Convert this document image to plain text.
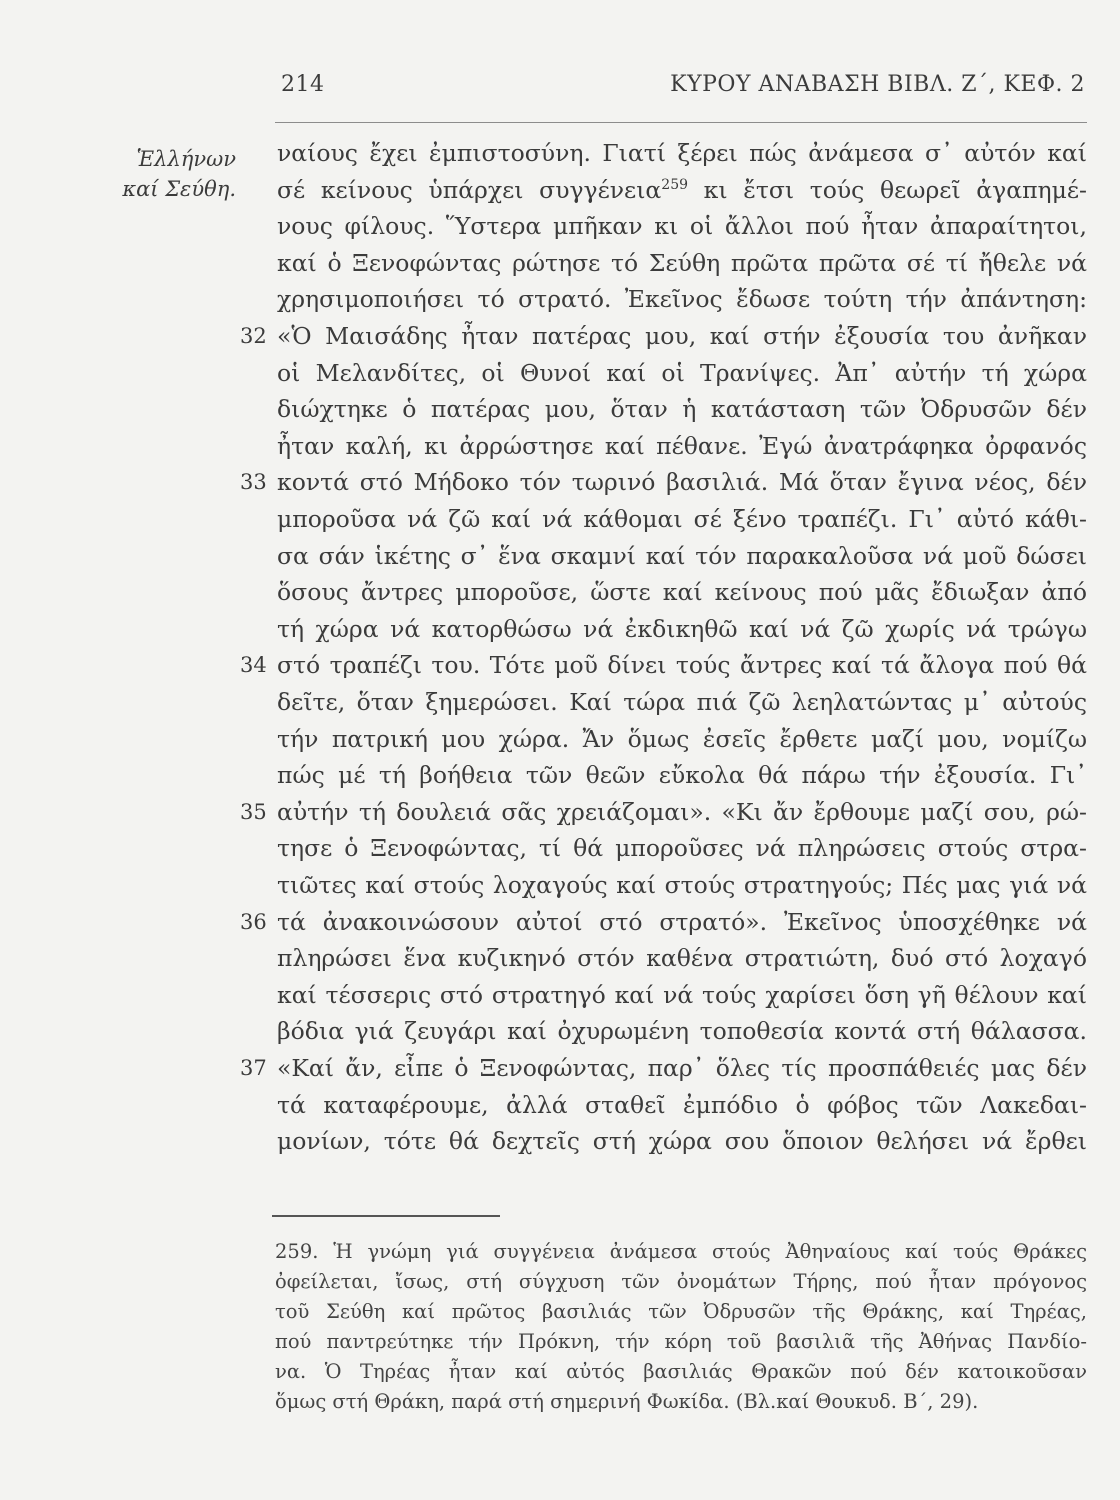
214	ΚΥΡΟΥ ΑΝΑΒΑΣΗ ΒΙΒΛ. Ζ΄, ΚΕΦ. 2
Ἑλλήνων
καί Σεύθη.
ναίους ἔχει ἐμπιστοσύνη. Γιατί ξέρει πώς ἀνάμεσα σ᾿ αὐτόν καί
σέ κείνους ὑπάρχει συγγένεια$^{259}$ κι ἔτσι τούς θεωρεῖ ἀγαπημέ-
νους φίλους. Ὕστερα μπῆκαν κι οἱ ἄλλοι πού ἦταν ἀπαραίτητοι,
καί ὁ Ξενοφώντας ρώτησε τό Σεύθη πρῶτα πρῶτα σέ τί ἤθελε νά
χρησιμοποιήσει τό στρατό. Ἐκεῖνος ἔδωσε τούτη τήν ἀπάντηση:
«Ὁ Μαισάδης ἦταν πατέρας μου, καί στήν ἐξουσία του ἀνῆκαν
32
οἱ Μελανδίτες, οἱ Θυνοί καί οἱ Τρανίψες. Ἀπ᾿ αὐτήν τή χώρα
διώχτηκε ὁ πατέρας μου, ὅταν ἡ κατάσταση τῶν Ὀδρυσῶν δέν
ἦταν καλή, κι ἀρρώστησε καί πέθανε. Ἐγώ ἀνατράφηκα ὀρφανός
κοντά στό Μήδοκο τόν τωρινό βασιλιά. Μά ὅταν ἔγινα νέος, δέν
33
μποροῦσα νά ζῶ καί νά κάθομαι σέ ξένο τραπέζι. Γι᾿ αὐτό κάθι-
σα σάν ἱκέτης σ᾿ ἕνα σκαμνί καί τόν παρακαλοῦσα νά μοῦ δώσει
ὅσους ἄντρες μποροῦσε, ὥστε καί κείνους πού μᾶς ἔδιωξαν ἀπό
τή χώρα νά κατορθώσω νά ἐκδικηθῶ καί νά ζῶ χωρίς νά τρώγω
στό τραπέζι του. Τότε μοῦ δίνει τούς ἄντρες καί τά ἄλογα πού θά
34
δεῖτε, ὅταν ξημερώσει. Καί τώρα πιά ζῶ λεηλατώντας μ᾿ αὐτούς
τήν πατρική μου χώρα. Ἄν ὅμως ἐσεῖς ἔρθετε μαζί μου, νομίζω
πώς μέ τή βοήθεια τῶν θεῶν εὔκολα θά πάρω τήν ἐξουσία. Γι᾿
αὐτήν τή δουλειά σᾶς χρειάζομαι». «Κι ἄν ἔρθουμε μαζί σου, ρώ-
35
τησε ὁ Ξενοφώντας, τί θά μποροῦσες νά πληρώσεις στούς στρα-
τιῶτες καί στούς λοχαγούς καί στούς στρατηγούς; Πές μας γιά νά
τά ἀνακοινώσουν αὐτοί στό στρατό». Ἐκεῖνος ὑποσχέθηκε νά
36
πληρώσει ἕνα κυζικηνό στόν καθένα στρατιώτη, δυό στό λοχαγό
καί τέσσερις στό στρατηγό καί νά τούς χαρίσει ὅση γῆ θέλουν καί
βόδια γιά ζευγάρι καί ὀχυρωμένη τοποθεσία κοντά στή θάλασσα.
«Καί ἄν, εἶπε ὁ Ξενοφώντας, παρ᾿ ὅλες τίς προσπάθειές μας δέν
37
τά καταφέρουμε, ἀλλά σταθεῖ ἐμπόδιο ὁ φόβος τῶν Λακεδαι-
μονίων, τότε θά δεχτεῖς στή χώρα σου ὅποιον θελήσει νά ἔρθει
259. Ἡ γνώμη γιά συγγένεια ἀνάμεσα στούς Ἀθηναίους καί τούς Θράκες
ὀφείλεται, ἴσως, στή σύγχυση τῶν ὀνομάτων Τήρης, πού ἦταν πρόγονος
τοῦ Σεύθη καί πρῶτος βασιλιάς τῶν Ὀδρυσῶν τῆς Θράκης, καί Τηρέας,
πού παντρεύτηκε τήν Πρόκνη, τήν κόρη τοῦ βασιλιᾶ τῆς Ἀθήνας Πανδίο-
να. Ὁ Τηρέας ἦταν καί αὐτός βασιλιάς Θρακῶν πού δέν κατοικοῦσαν
ὅμως στή Θράκη, παρά στή σημερινή Φωκίδα. (Βλ.καί Θουκυδ. Β΄, 29).
